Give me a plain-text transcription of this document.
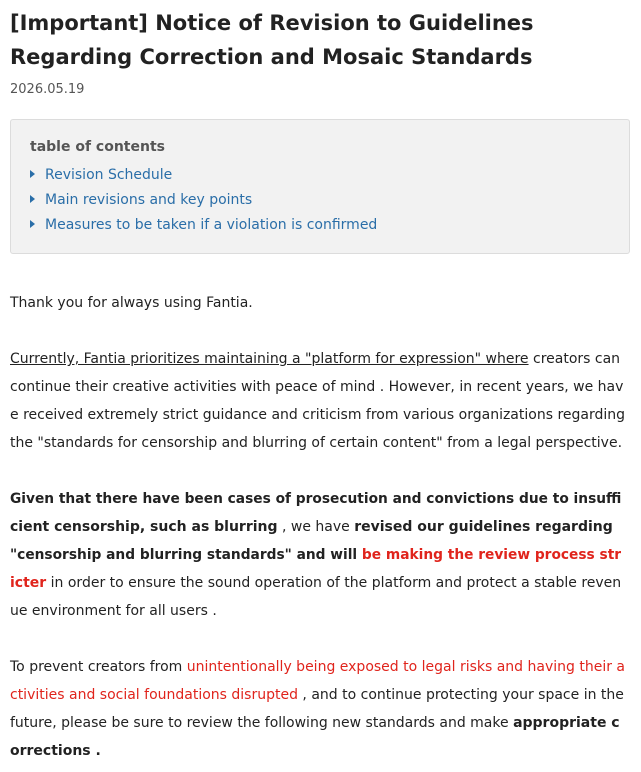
[Important] Notice of Revision to Guidelines
Regarding Correction and Mosaic Standards

2026.05.19

table of contents

Revision Schedule
Main revisions and key points
Measures to be taken if a violation is confirmed

Thank you for always using Fantia.

Currently, Fantia prioritizes maintaining a "platform for expression" where creators can
continue their creative activities with peace of mind . However, in recent years, we hav
e received extremely strict guidance and criticism from various organizations regarding
the "standards for censorship and blurring of certain content" from a legal perspective.

Given that there have been cases of prosecution and convictions due to insuffi
cient censorship, such as blurring , we have revised our guidelines regarding
"censorship and blurring standards" and will be making the review process str
icter in order to ensure the sound operation of the platform and protect a stable reven
ue environment for all users .

To prevent creators from unintentionally being exposed to legal risks and having their a
ctivities and social foundations disrupted , and to continue protecting your space in the
future, please be sure to review the following new standards and make appropriate c
orrections .
